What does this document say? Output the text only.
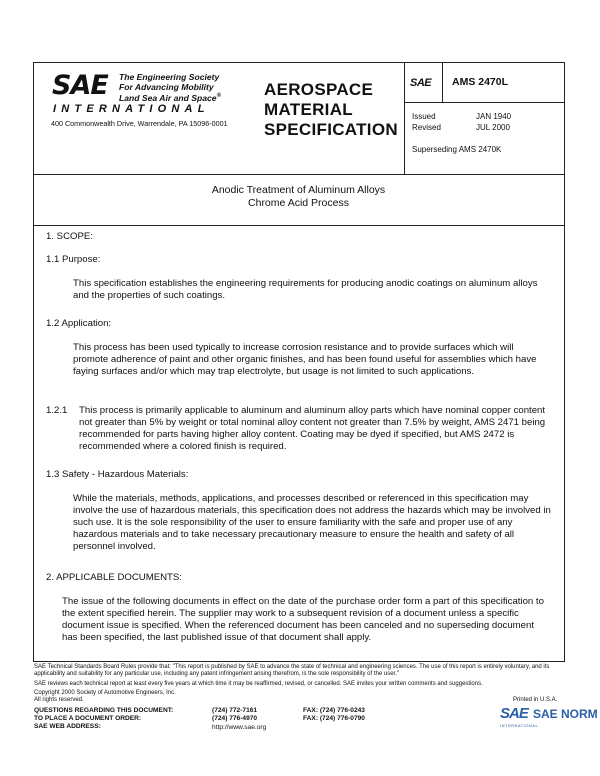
SAE The Engineering Society
For Advancing Mobility
Land Sea Air and Space®
INTERNATIONAL
400 Commonwealth Drive, Warrendale, PA 15096-0001
AEROSPACE
MATERIAL
SPECIFICATION
SAE AMS 2470L
Issued	JAN 1940
Revised	JUL 2000
Superseding AMS 2470K
Anodic Treatment of Aluminum Alloys
Chrome Acid Process
1. SCOPE:
1.1 Purpose:
This specification establishes the engineering requirements for producing anodic coatings on aluminum alloys and the properties of such coatings.
1.2 Application:
This process has been used typically to increase corrosion resistance and to provide surfaces which will promote adherence of paint and other organic finishes, and has been found useful for assemblies which have faying surfaces and/or which may trap electrolyte, but usage is not limited to such applications.
1.2.1 This process is primarily applicable to aluminum and aluminum alloy parts which have nominal copper content not greater than 5% by weight or total nominal alloy content not greater than 7.5% by weight, AMS 2471 being recommended for parts having higher alloy content. Coating may be dyed if specified, but AMS 2472 is recommended where a colored finish is required.
1.3 Safety - Hazardous Materials:
While the materials, methods, applications, and processes described or referenced in this specification may involve the use of hazardous materials, this specification does not address the hazards which may be involved in such use. It is the sole responsibility of the user to ensure familiarity with the safe and proper use of any hazardous materials and to take necessary precautionary measure to ensure the health and safety of all personnel involved.
2. APPLICABLE DOCUMENTS:
The issue of the following documents in effect on the date of the purchase order form a part of this specification to the extent specified herein. The supplier may work to a subsequent revision of a document unless a specific document issue is specified. When the referenced document has been canceled and no superseding document has been specified, the last published issue of that document shall apply.
SAE Technical Standards Board Rules provide that: "This report is published by SAE to advance the state of technical and engineering sciences. The use of this report is entirely voluntary, and its applicability and suitability for any particular use, including any patent infringement arising therefrom, is the sole responsibility of the user."
SAE reviews each technical report at least every five years at which time it may be reaffirmed, revised, or cancelled. SAE invites your written comments and suggestions.
Copyright 2000 Society of Automotive Engineers, Inc.
All rights reserved.	Printed in U.S.A.
QUESTIONS REGARDING THIS DOCUMENT:	(724) 772-7161	FAX: (724) 776-0243
TO PLACE A DOCUMENT ORDER:	(724) 776-4970	FAX: (724) 776-0790
SAE WEB ADDRESS:	http://www.sae.org
SAE SAE NORM
INTERNATIONAL
